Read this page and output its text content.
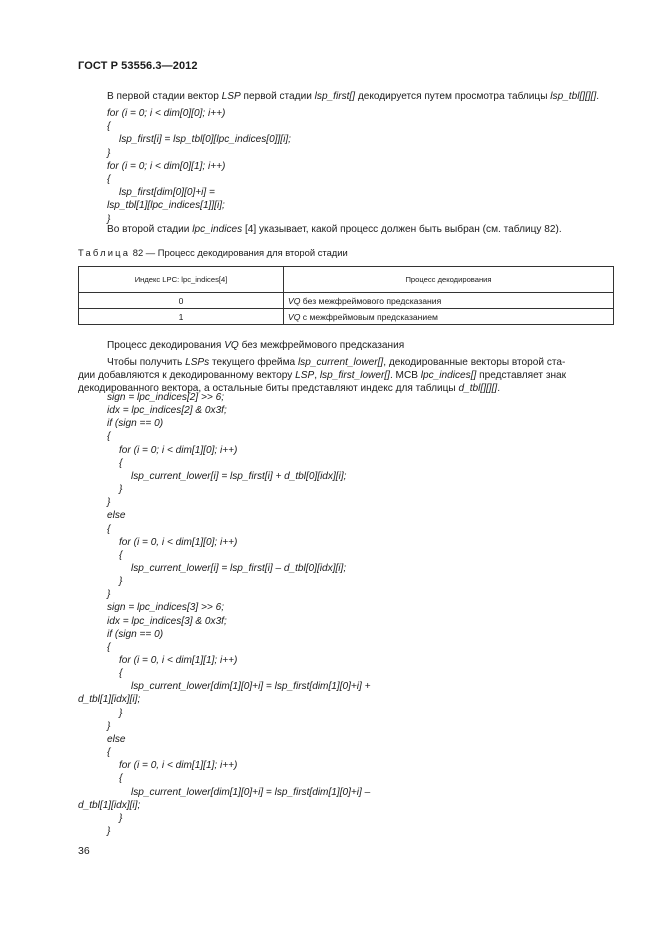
ГОСТ Р 53556.3—2012
В первой стадии вектор LSP первой стадии lsp_first[] декодируется путем просмотра таблицы lsp_tbl[][][].
for (i = 0; i < dim[0][0]; i++)
{
lsp_first[i] = lsp_tbl[0][lpc_indices[0]][i];
}
for (i = 0; i < dim[0][1]; i++)
{
lsp_first[dim[0][0]+i] =
lsp_tbl[1][lpc_indices[1]][i];
}
Во второй стадии lpc_indices [4] указывает, какой процесс должен быть выбран (см. таблицу 82).
Таблица 82 — Процесс декодирования для второй стадии
Индекс LPC: lpc_indices[4]	Процесс декодирования
0	VQ без межфреймового предсказания
1	VQ с межфреймовым предсказанием
Процесс декодирования VQ без межфреймового предсказания
Чтобы получить LSPs текущего фрейма lsp_current_lower[], декодированные векторы второй ста-
дии добавляются к декодированному вектору LSP, lsp_first_lower[]. МСВ lpc_indices[] представляет знак
декодированного вектора, а остальные биты представляют индекс для таблицы d_tbl[][][].
sign = lpc_indices[2] >> 6;
idx = lpc_indices[2] & 0x3f;
if (sign == 0)
{
for (i = 0; i < dim[1][0]; i++)
{
lsp_current_lower[i] = lsp_first[i] + d_tbl[0][idx][i];
}
}
else
{
for (i = 0, i < dim[1][0]; i++)
{
lsp_current_lower[i] = lsp_first[i] – d_tbl[0][idx][i];
}
}
sign = lpc_indices[3] >> 6;
idx = lpc_indices[3] & 0x3f;
if (sign == 0)
{
for (i = 0, i < dim[1][1]; i++)
{
lsp_current_lower[dim[1][0]+i] = lsp_first[dim[1][0]+i] +
d_tbl[1][idx][i];
}
}
else
{
for (i = 0, i < dim[1][1]; i++)
{
lsp_current_lower[dim[1][0]+i] = lsp_first[dim[1][0]+i] –
d_tbl[1][idx][i];
}
}
36
